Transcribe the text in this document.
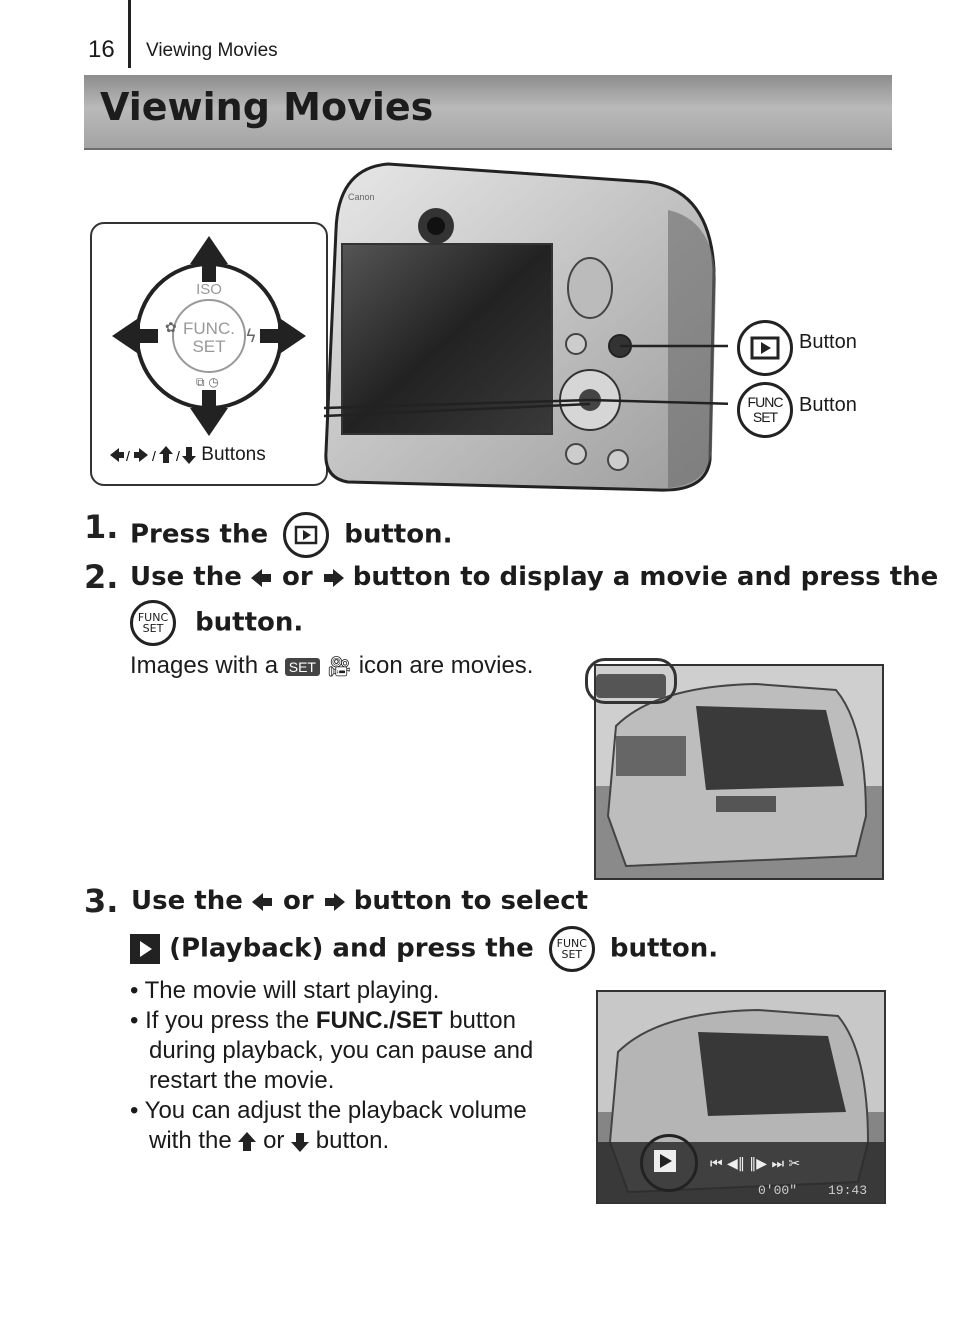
16 Viewing Movies
Viewing Movies
ISO
FUNC.
SET
✿	ϟ
⧉ ◷
/ / / Buttons
Canon
Button
FUNC
SET
Button
1. Press the	button.
2. Use the or button to display a movie and press the
FUNC
SET button.
Images with a SET 🎥︎ icon are movies.
3. Use the or button to select
(Playback) and press the FUNC
SET button.
• The movie will start playing.
• If you press the FUNC./SET button
during playback, you can pause and
restart the movie.
• You can adjust the playback volume
with the or button.
⏮ ◀‖ ‖▶ ⏭ ✂
0'00" 19:43
